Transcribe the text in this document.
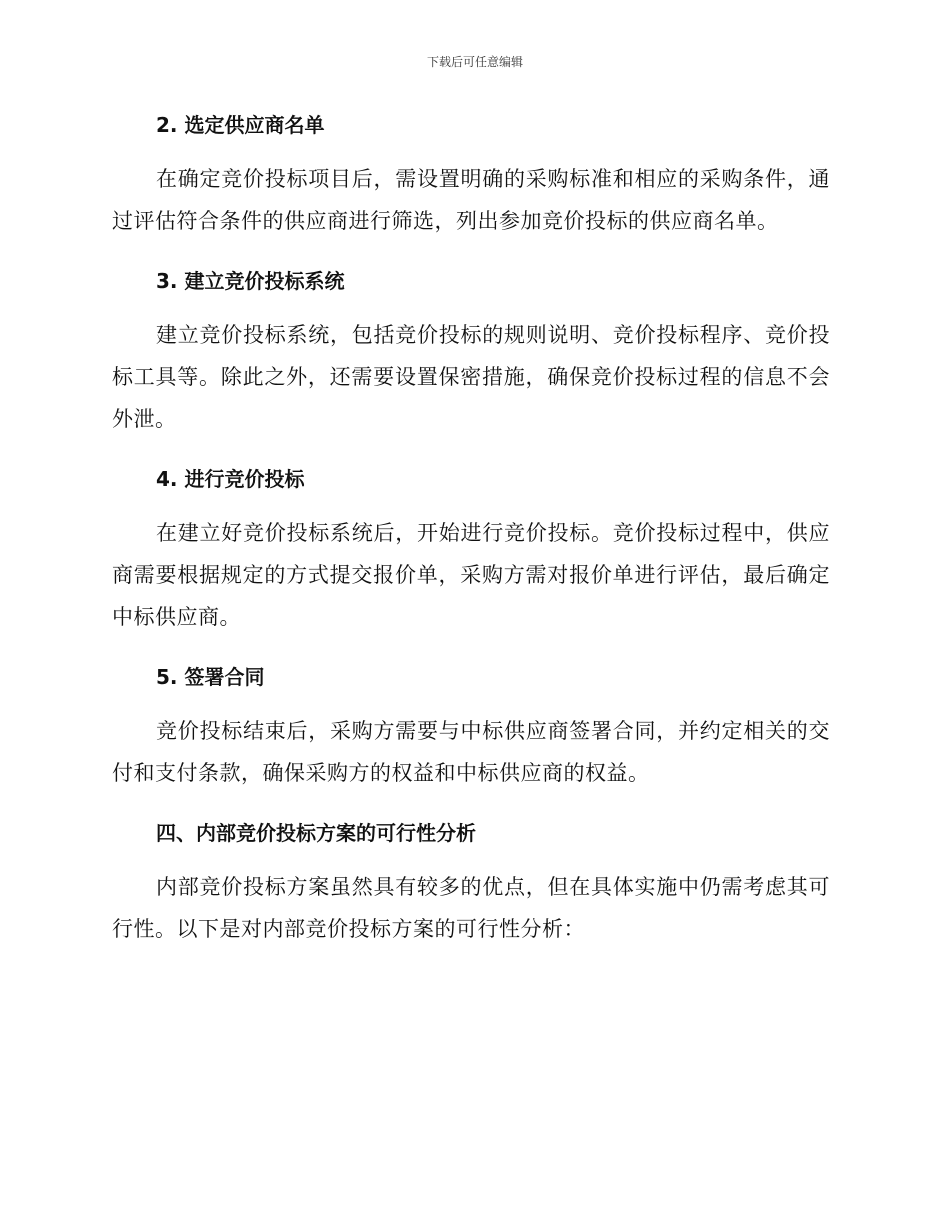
下载后可任意编辑
2. 选定供应商名单

在确定竞价投标项目后，需设置明确的采购标准和相应的采购条件，通过评估符合条件的供应商进行筛选，列出参加竞价投标的供应商名单。

3. 建立竞价投标系统

建立竞价投标系统，包括竞价投标的规则说明、竞价投标程序、竞价投标工具等。除此之外，还需要设置保密措施，确保竞价投标过程的信息不会外泄。

4. 进行竞价投标

在建立好竞价投标系统后，开始进行竞价投标。竞价投标过程中，供应商需要根据规定的方式提交报价单，采购方需对报价单进行评估，最后确定中标供应商。

5. 签署合同

竞价投标结束后，采购方需要与中标供应商签署合同，并约定相关的交付和支付条款，确保采购方的权益和中标供应商的权益。

四、内部竞价投标方案的可行性分析

内部竞价投标方案虽然具有较多的优点，但在具体实施中仍需考虑其可行性。以下是对内部竞价投标方案的可行性分析：
